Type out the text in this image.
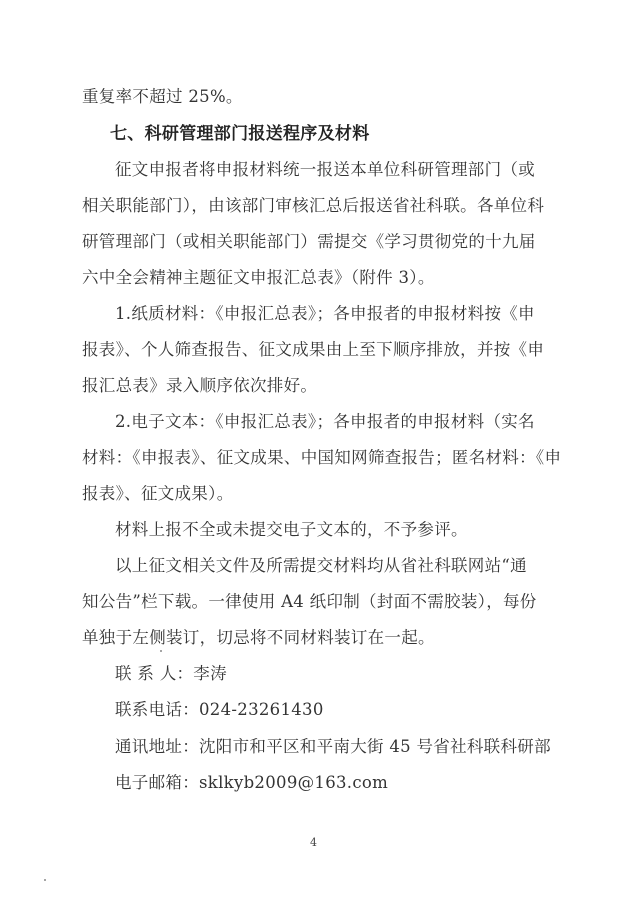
重复率不超过 25%。
七、科研管理部门报送程序及材料
征文申报者将申报材料统一报送本单位科研管理部门（或
相关职能部门），由该部门审核汇总后报送省社科联。各单位科
研管理部门（或相关职能部门）需提交《学习贯彻党的十九届
六中全会精神主题征文申报汇总表》（附件 3）。
1.纸质材料：《申报汇总表》；各申报者的申报材料按《申
报表》、个人筛查报告、征文成果由上至下顺序排放，并按《申
报汇总表》录入顺序依次排好。
2.电子文本：《申报汇总表》；各申报者的申报材料（实名
材料：《申报表》、征文成果、中国知网筛查报告；匿名材料：《申
报表》、征文成果）。
材料上报不全或未提交电子文本的，不予参评。
以上征文相关文件及所需提交材料均从省社科联网站“通
知公告”栏下载。一律使用 A4 纸印制（封面不需胶装），每份
单独于左侧装订，切忌将不同材料装订在一起。
联 系 人：李涛
联系电话：024-23261430
通讯地址：沈阳市和平区和平南大街 45 号省社科联科研部
电子邮箱：sklkyb2009@163.com
4
